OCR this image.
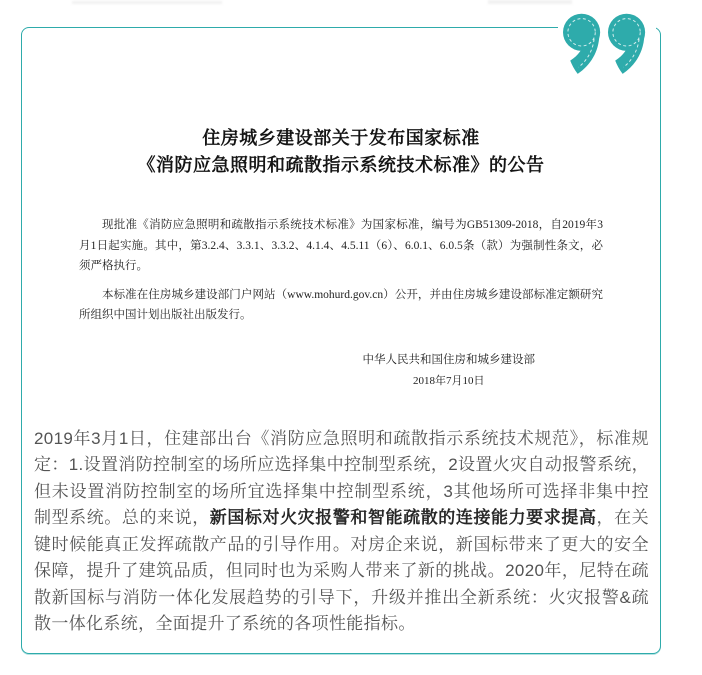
住房城乡建设部关于发布国家标准
《消防应急照明和疏散指示系统技术标准》的公告

现批准《消防应急照明和疏散指示系统技术标准》为国家标准，编号为GB51309-2018，自2019年3月1日起实施。其中，第3.2.4、3.3.1、3.3.2、4.1.4、4.5.11（6）、6.0.1、6.0.5条（款）为强制性条文，必须严格执行。

本标准在住房城乡建设部门户网站（www.mohurd.gov.cn）公开，并由住房城乡建设部标准定额研究所组织中国计划出版社出版发行。

中华人民共和国住房和城乡建设部
2018年7月10日

2019年3月1日，住建部出台《消防应急照明和疏散指示系统技术规范》，标准规定：1.设置消防控制室的场所应选择集中控制型系统，2设置火灾自动报警系统，但未设置消防控制室的场所宜选择集中控制型系统，3其他场所可选择非集中控制型系统。总的来说，新国标对火灾报警和智能疏散的连接能力要求提高，在关键时候能真正发挥疏散产品的引导作用。对房企来说，新国标带来了更大的安全保障，提升了建筑品质，但同时也为采购人带来了新的挑战。2020年，尼特在疏散新国标与消防一体化发展趋势的引导下，升级并推出全新系统：火灾报警&疏散一体化系统，全面提升了系统的各项性能指标。
